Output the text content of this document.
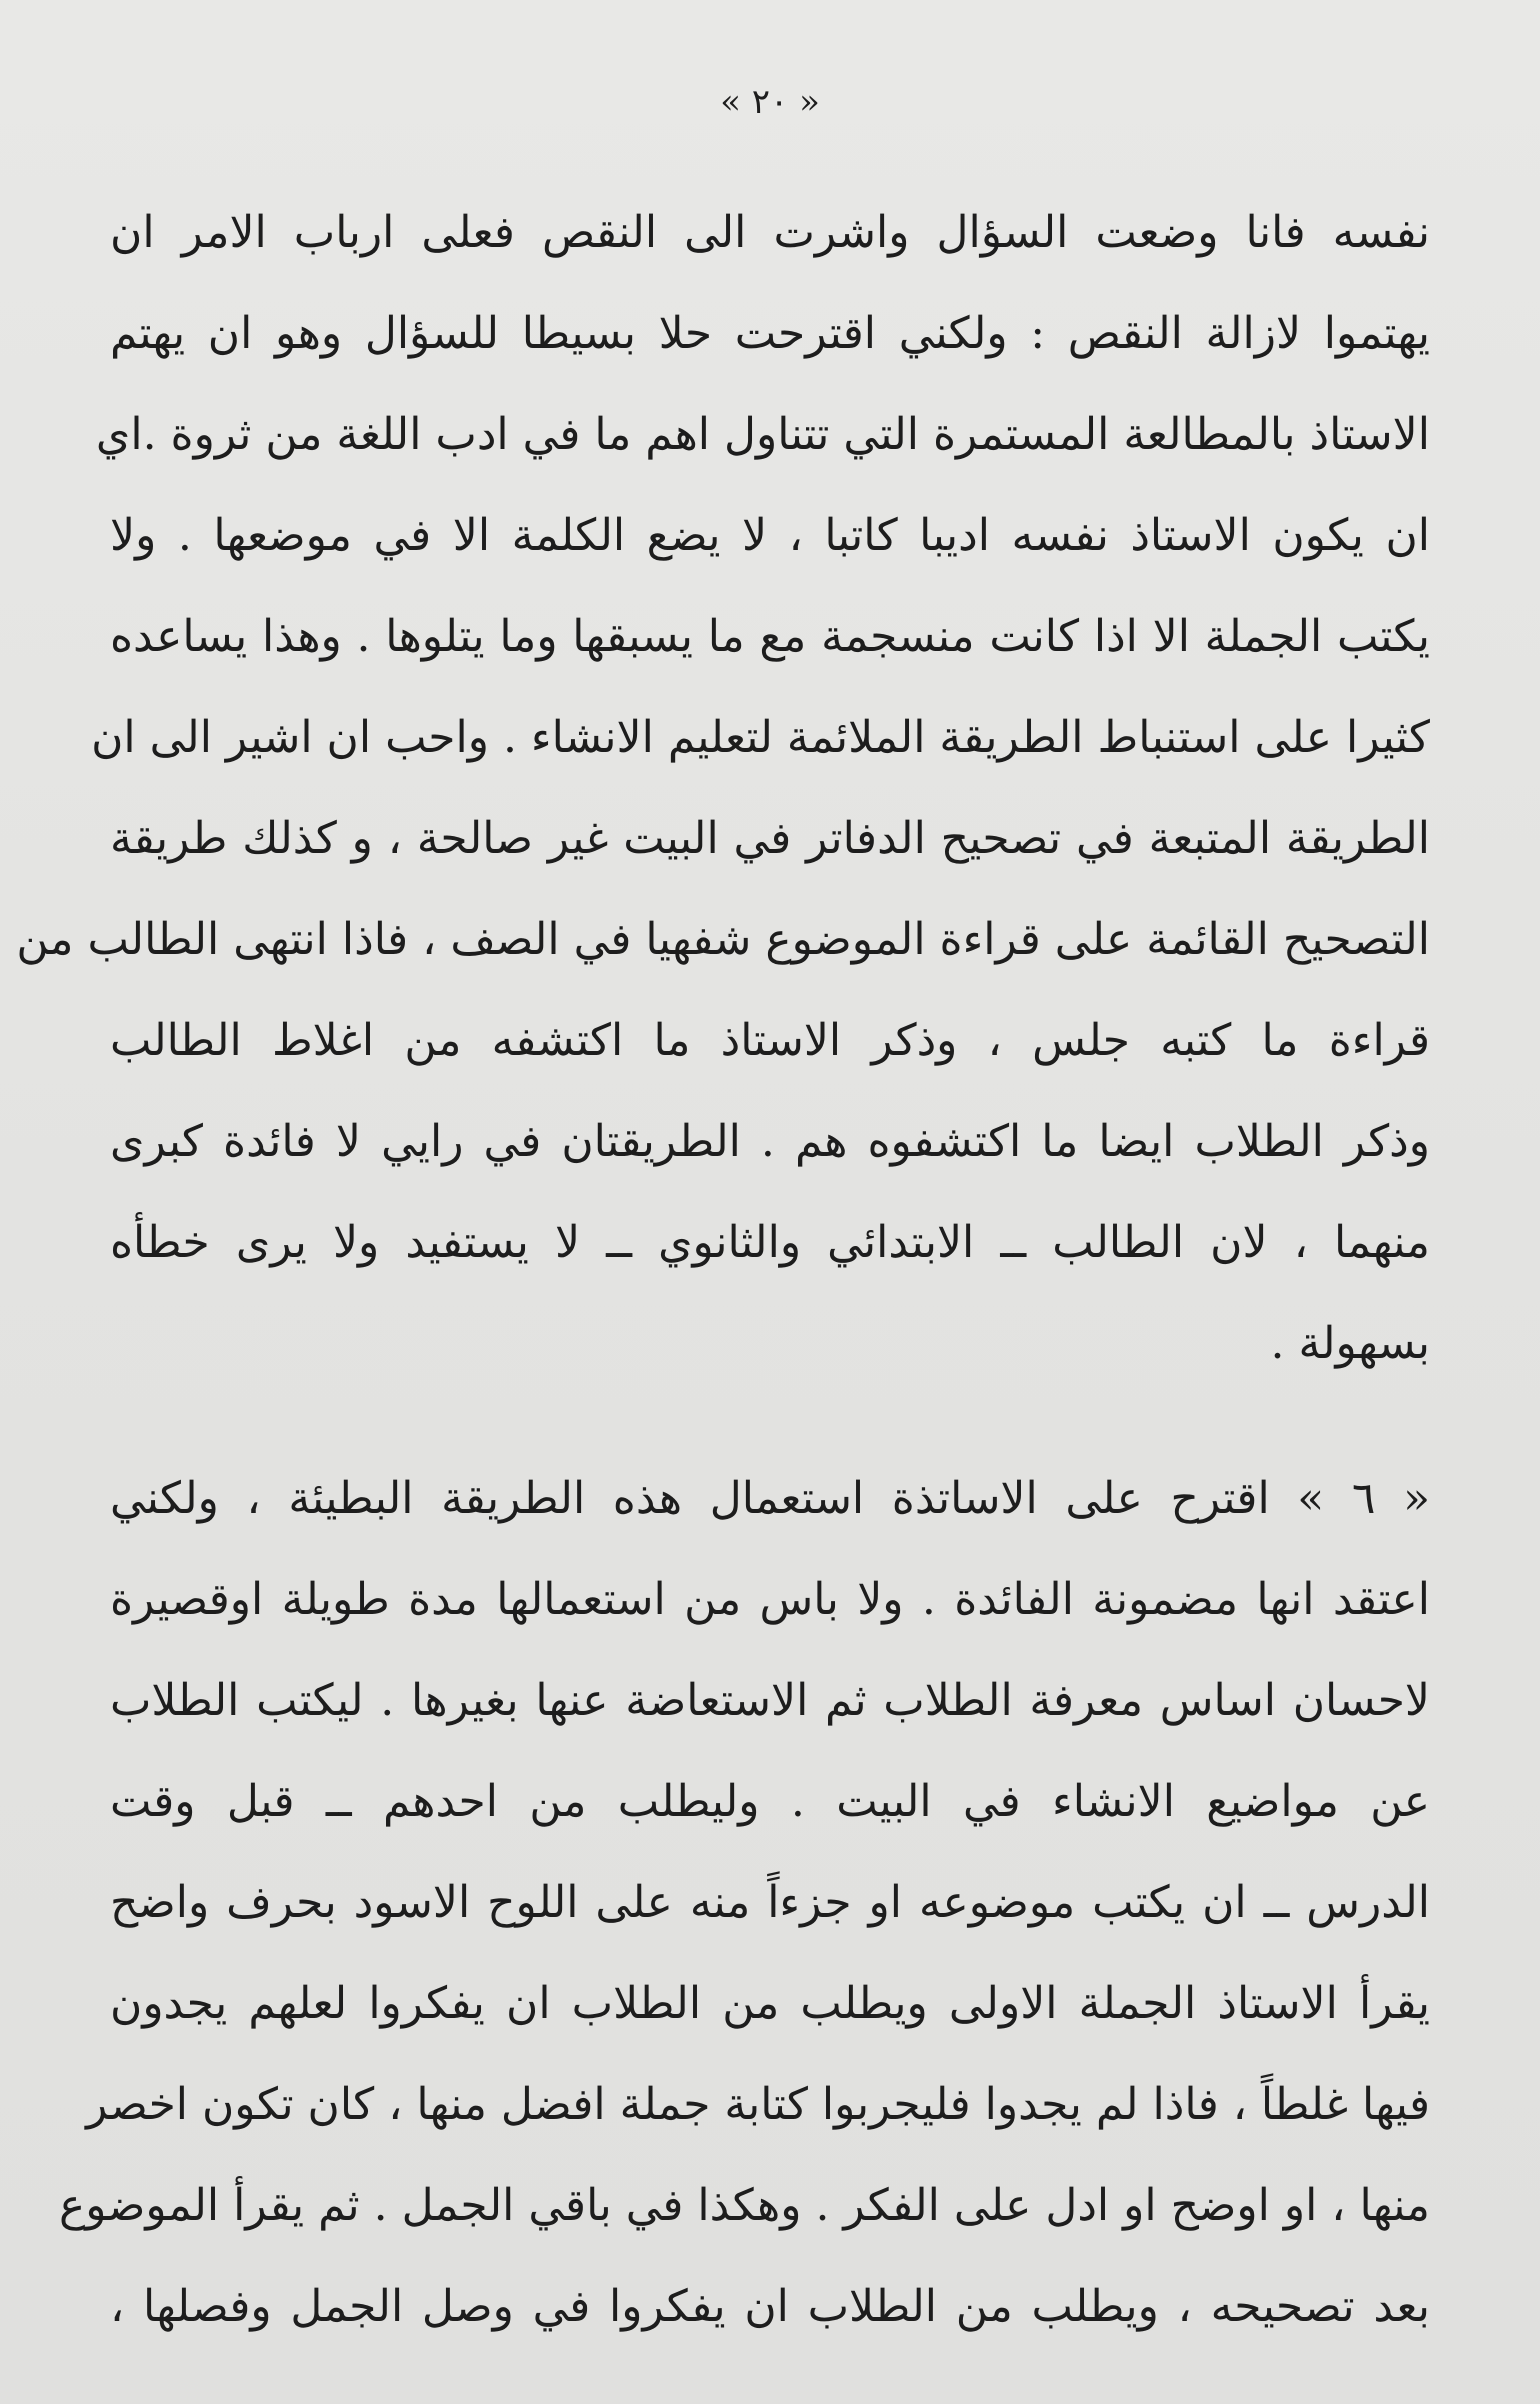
« ٢٠ »
نفسه فانا وضعت السؤال واشرت الى النقص فعلى ارباب الامر ان
يهتموا لازالة النقص : ولكني اقترحت حلا بسيطا للسؤال وهو ان يهتم
الاستاذ بالمطالعة المستمرة التي تتناول اهم ما في ادب اللغة من ثروة .اي
ان يكون الاستاذ نفسه اديبا كاتبا ، لا يضع الكلمة الا في موضعها . ولا
يكتب الجملة الا اذا كانت منسجمة مع ما يسبقها وما يتلوها . وهذا يساعده
كثيرا على استنباط الطريقة الملائمة لتعليم الانشاء . واحب ان اشير الى ان
الطريقة المتبعة في تصحيح الدفاتر في البيت غير صالحة ، و كذلك طريقة
التصحيح القائمة على قراءة الموضوع شفهيا في الصف ، فاذا انتهى الطالب من
قراءة ما كتبه جلس ، وذكر الاستاذ ما اكتشفه من اغلاط الطالب
وذكر الطلاب ايضا ما اكتشفوه هم . الطريقتان في رايي لا فائدة كبرى
منهما ، لان الطالب ــ الابتدائي والثانوي ــ لا يستفيد ولا يرى خطأه
بسهولة .
« ٦ » اقترح على الاساتذة استعمال هذه الطريقة البطيئة ، ولكني
اعتقد انها مضمونة الفائدة . ولا باس من استعمالها مدة طويلة اوقصيرة
لاحسان اساس معرفة الطلاب ثم الاستعاضة عنها بغيرها . ليكتب الطلاب
عن مواضيع الانشاء في البيت . وليطلب من احدهم ــ قبل وقت
الدرس ــ ان يكتب موضوعه او جزءاً منه على اللوح الاسود بحرف واضح
يقرأ الاستاذ الجملة الاولى ويطلب من الطلاب ان يفكروا لعلهم يجدون
فيها غلطاً ، فاذا لم يجدوا فليجربوا كتابة جملة افضل منها ، كان تكون اخصر
منها ، او اوضح او ادل على الفكر . وهكذا في باقي الجمل . ثم يقرأ الموضوع
بعد تصحيحه ، ويطلب من الطلاب ان يفكروا في وصل الجمل وفصلها ،
